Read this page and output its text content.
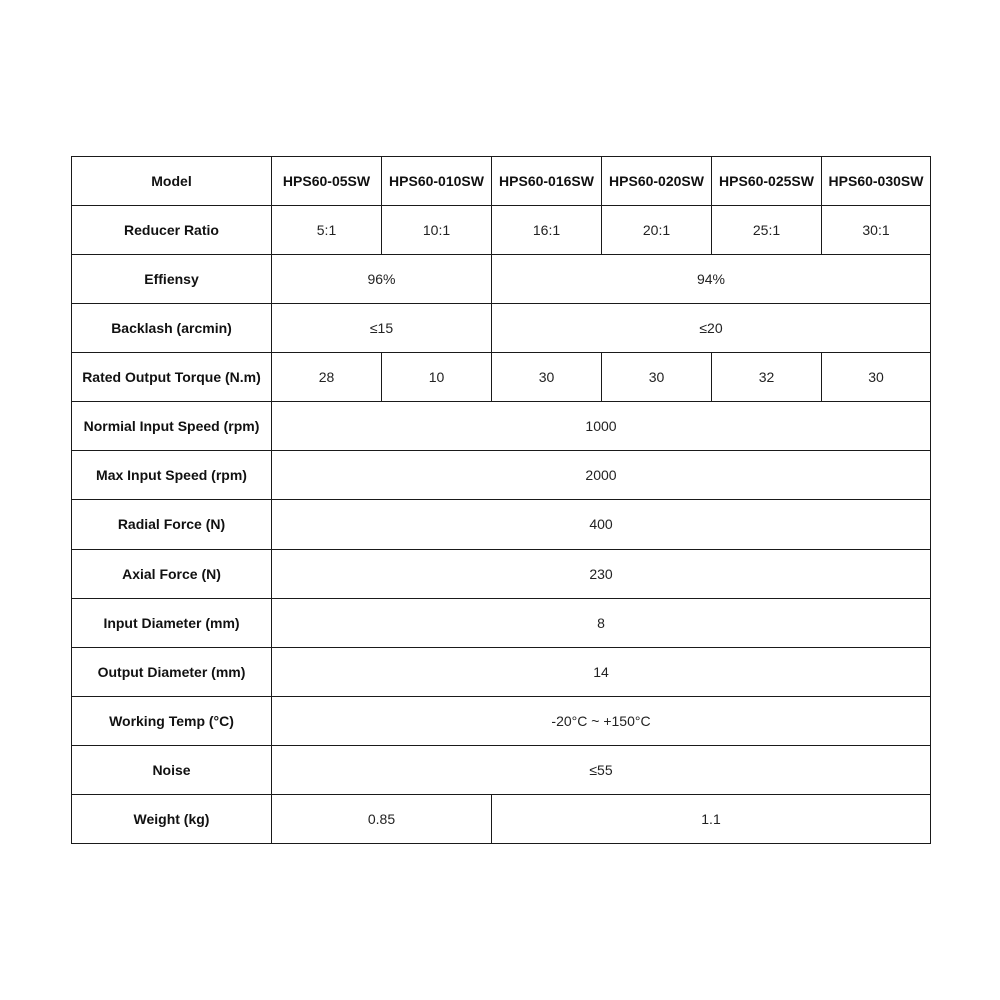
Model	HPS60-05SW	HPS60-010SW	HPS60-016SW	HPS60-020SW	HPS60-025SW	HPS60-030SW
Reducer Ratio	5:1	10:1	16:1	20:1	25:1	30:1
Effiensy	96%		94%			
Backlash (arcmin)	≤15		≤20			
Rated Output Torque (N.m)	28	10	30	30	32	30
Normial Input Speed (rpm)	1000					
Max Input Speed (rpm)	2000					
Radial Force (N)	400					
Axial Force (N)	230					
Input Diameter (mm)	8					
Output Diameter (mm)	14					
Working Temp (°C)	-20°C ~ +150°C					
Noise	≤55					
Weight (kg)	0.85		1.1			
